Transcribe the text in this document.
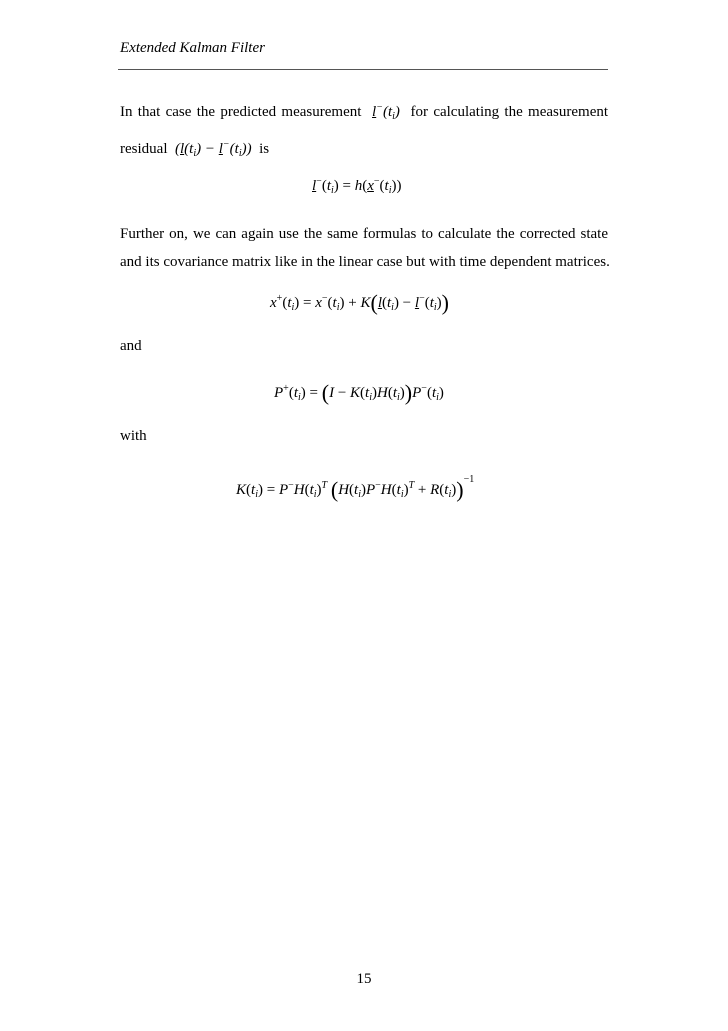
Extended Kalman Filter
In that case the predicted measurement $l^-(t_i)$  for calculating the measurement
residual  $(l(t_i) - l^-(t_i))$  is
$l^-(t_i) = h(x^-(t_i))$
Further on, we can again use the same formulas to calculate the corrected state
and its covariance matrix like in the linear case but with time dependent matrices.
$x^+(t_i) = x^-(t_i) + K(l(t_i) - l^-(t_i))$
and
$P^+(t_i) = (I - K(t_i)H(t_i))P^-(t_i)$
with
$K(t_i) = P^-H(t_i)^T$ $(H(t_i)P^-H(t_i)^T + R(t_i))^{-1}$
15
